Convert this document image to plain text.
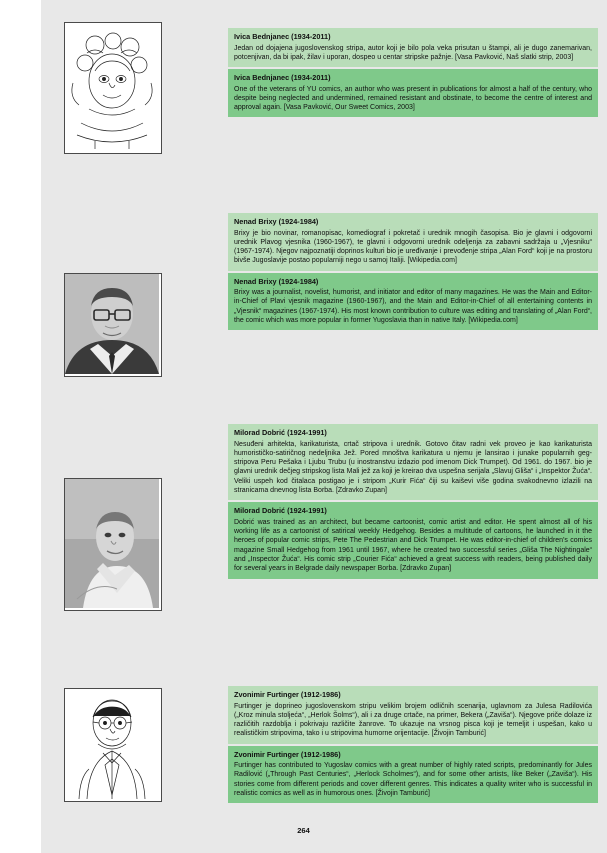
Ivica Bednjanec (1934-2011)

Jedan od dojajena jugoslovenskog stripa, autor koji je bilo pola veka prisutan u štampi, ali je dugo zanemarivan, potcenjivan, da bi ipak, žilav i uporan, dospeo u centar stripske pažnje. [Vasa Pavković, Naš slatki strip, 2003]

Ivica Bednjanec (1934-2011)

One of the veterans of YU comics, an author who was present in publications for almost a half of the century, who despite being neglected and undermined, remained resistant and obstinate, to become the centre of interest and approval again. [Vasa Pavković, Our Sweet Comics, 2003]

Nenad Brixy (1924-1984)

Brixy je bio novinar, romanopisac, komediograf i pokretač i urednik mnogih časopisa. Bio je glavni i odgovorni urednik Plavog vjesnika (1960-1967), te glavni i odgovorni urednik odeljenja za zabavni sadržaja u „Vjesniku“ (1967-1974). Njegov najpoznatiji doprinos kulturi bio je uređivanje i prevođenje stripa „Alan Ford“ koji je na prostoru bivše Jugoslavije postao popularniji nego u samoj Italiji. [Wikipedia.com]

Nenad Brixy (1924-1984)

Brixy was a journalist, novelist, humorist, and initiator and editor of many magazines. He was the Main and Editor-in-Chief of Plavi vjesnik magazine (1960-1967), and the Main and Editor-in-Chief of all entertaining contents in „Vjesnik“ magazines (1967-1974). His most known contribution to culture was editing and translating of „Alan Ford“, the comic which was more popular in former Yugoslavia than in native Italy. [Wikipedia.com]

Milorad Dobrić (1924-1991)

Nesuđeni arhitekta, karikaturista, crtač stripova i urednik. Gotovo čitav radni vek proveo je kao karikaturista humorističko-satiričnog nedeljnika Jež. Pored mnoštva karikatura u njemu je lansirao i junake popularnih geg-stripova Peru Pešaka i Ljubu Trubu (u inostranstvu izdazio pod imenom Dick Trumpet). Od 1961. do 1967. bio je glavni urednik dečjeg stripskog lista Mali jež za koji je kreirao dva uspešna serijala „Slavuj Gliša“ i „Inspektor Žuća“. Veliki uspeh kod čitalaca postigao je i stripom „Kurir Fića“ čiji su kaiševi više godina svakodnevno izlazili na stranicama dnevnog lista Borba. [Zdravko Zupan]

Milorad Dobrić (1924-1991)

Dobrić was trained as an architect, but became cartoonist, comic artist and editor. He spent almost all of his working life as a cartoonist of satirical weekly Hedgehog. Besides a multitude of cartoons, he launched in it the heroes of popular comic strips, Pete The Pedestrian and Dick Trumpet. He was editor-in-chief of children's comics magazine Small Hedgehog from 1961 until 1967, where he created two successful series „Gliša The Nightingale“ and „Inspector Žuća“. His comic strip „Courier Fića“ achieved a great success with readers, being published daily for several years in Belgrade daily newspaper Borba. [Zdravko Zupan]

Zvonimir Furtinger (1912-1986)

Furtinger je doprineo jugoslovenskom stripu velikim brojem odličnih scenarija, uglavnom za Julesa Radilovića („Kroz minula stoljeća“, „Herlok Šolms“), ali i za druge crtače, na primer, Bekera („Zaviša“). Njegove priče dolaze iz različitih razdoblja i pokrivaju različite žanrove. To ukazuje na vrsnog pisca koji je temeljit i uspešan, kako u realističkim stripovima, tako i u stripovima humorne orijentacije. [Živojin Tamburić]

Zvonimir Furtinger (1912-1986)

Furtinger has contributed to Yugoslav comics with a great number of highly rated scripts, predominantly for Jules Radilović („Through Past Centuries“, „Herlock Scholmes“), and for some other artists, like Beker („Zaviša“). His stories come from different periods and cover different genres. This indicates a quality writer who is successful in realistic comics as well as in humorous ones. [Živojin Tamburić]

264
